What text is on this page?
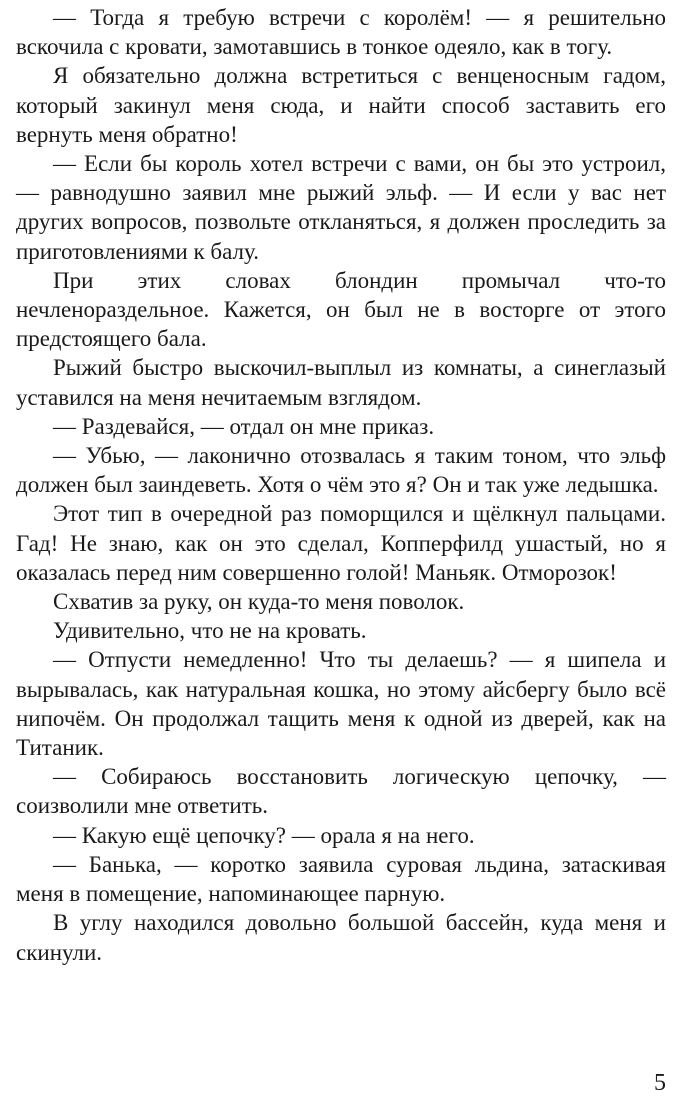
— Тогда я требую встречи с королём! — я решительно вскочила с кровати, замотавшись в тонкое одеяло, как в тогу.

Я обязательно должна встретиться с венценосным гадом, который закинул меня сюда, и найти способ заставить его вернуть меня обратно!

— Если бы король хотел встречи с вами, он бы это устроил, — равнодушно заявил мне рыжий эльф. — И если у вас нет других вопросов, позвольте откланяться, я должен проследить за приготовлениями к балу.

При этих словах блондин промычал что-то нечленораздельное. Кажется, он был не в восторге от этого предстоящего бала.

Рыжий быстро выскочил-выплыл из комнаты, а синеглазый уставился на меня нечитаемым взглядом.

— Раздевайся, — отдал он мне приказ.

— Убью, — лаконично отозвалась я таким тоном, что эльф должен был заиндеветь. Хотя о чём это я? Он и так уже ледышка.

Этот тип в очередной раз поморщился и щёлкнул пальцами. Гад! Не знаю, как он это сделал, Копперфилд ушастый, но я оказалась перед ним совершенно голой! Маньяк. Отморозок!

Схватив за руку, он куда-то меня поволок.

Удивительно, что не на кровать.

— Отпусти немедленно! Что ты делаешь? — я шипела и вырывалась, как натуральная кошка, но этому айсбергу было всё нипочём. Он продолжал тащить меня к одной из дверей, как на Титаник.

— Собираюсь восстановить логическую цепочку, — соизволили мне ответить.

— Какую ещё цепочку? — орала я на него.

— Банька, — коротко заявила суровая льдина, затаскивая меня в помещение, напоминающее парную.

В углу находился довольно большой бассейн, куда меня и скинули.

5
